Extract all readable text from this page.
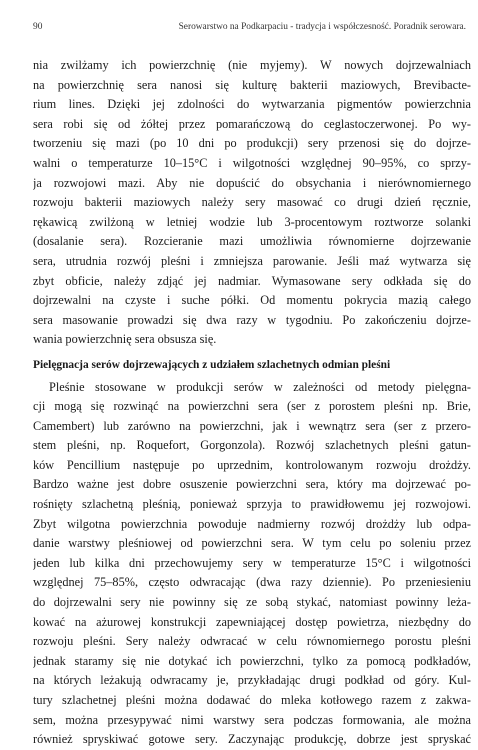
90	Serowarstwo na Podkarpaciu - tradycja i współczesność. Poradnik serowara.
nia zwilżamy ich powierzchnię (nie myjemy). W nowych dojrzewalniach
na powierzchnię sera nanosi się kulturę bakterii maziowych, Brevibacte-
rium lines. Dzięki jej zdolności do wytwarzania pigmentów powierzchnia
sera robi się od żółtej przez pomarańczową do ceglastoczerwonej. Po wy-
tworzeniu się mazi (po 10 dni po produkcji) sery przenosi się do dojrze-
walni o temperaturze 10–15°C i wilgotności względnej 90–95%, co sprzy-
ja rozwojowi mazi. Aby nie dopuścić do obsychania i nierównomiernego
rozwoju bakterii maziowych należy sery masować co drugi dzień ręcznie,
rękawicą zwilżoną w letniej wodzie lub 3-procentowym roztworze solanki
(dosalanie sera). Rozcieranie mazi umożliwia równomierne dojrzewanie
sera, utrudnia rozwój pleśni i zmniejsza parowanie. Jeśli maź wytwarza się
zbyt obficie, należy zdjąć jej nadmiar. Wymasowane sery odkłada się do
dojrzewalni na czyste i suche półki. Od momentu pokrycia mazią całego
sera masowanie prowadzi się dwa razy w tygodniu. Po zakończeniu dojrze-
wania powierzchnię sera obsusza się.
Pielęgnacja serów dojrzewających z udziałem szlachetnych odmian pleśni
Pleśnie stosowane w produkcji serów w zależności od metody pielęgna-
cji mogą się rozwinąć na powierzchni sera (ser z porostem pleśni np. Brie,
Camembert) lub zarówno na powierzchni, jak i wewnątrz sera (ser z przero-
stem pleśni, np. Roquefort, Gorgonzola). Rozwój szlachetnych pleśni gatun-
ków Pencillium następuje po uprzednim, kontrolowanym rozwoju drożdży.
Bardzo ważne jest dobre osuszenie powierzchni sera, który ma dojrzewać po-
rośnięty szlachetną pleśnią, ponieważ sprzyja to prawidłowemu jej rozwojowi.
Zbyt wilgotna powierzchnia powoduje nadmierny rozwój drożdży lub odpa-
danie warstwy pleśniowej od powierzchni sera. W tym celu po soleniu przez
jeden lub kilka dni przechowujemy sery w temperaturze 15°C i wilgotności
względnej 75–85%, często odwracając (dwa razy dziennie). Po przeniesieniu
do dojrzewalni sery nie powinny się ze sobą stykać, natomiast powinny leża-
kować na ażurowej konstrukcji zapewniającej dostęp powietrza, niezbędny do
rozwoju pleśni. Sery należy odwracać w celu równomiernego porostu pleśni
jednak staramy się nie dotykać ich powierzchni, tylko za pomocą podkładów,
na których leżakują odwracamy je, przykładając drugi podkład od góry. Kul-
tury szlachetnej pleśni można dodawać do mleka kotłowego razem z zakwa-
sem, można przesypywać nimi warstwy sera podczas formowania, ale można
również spryskiwać gotowe sery. Zaczynając produkcję, dobrze jest spryskać
